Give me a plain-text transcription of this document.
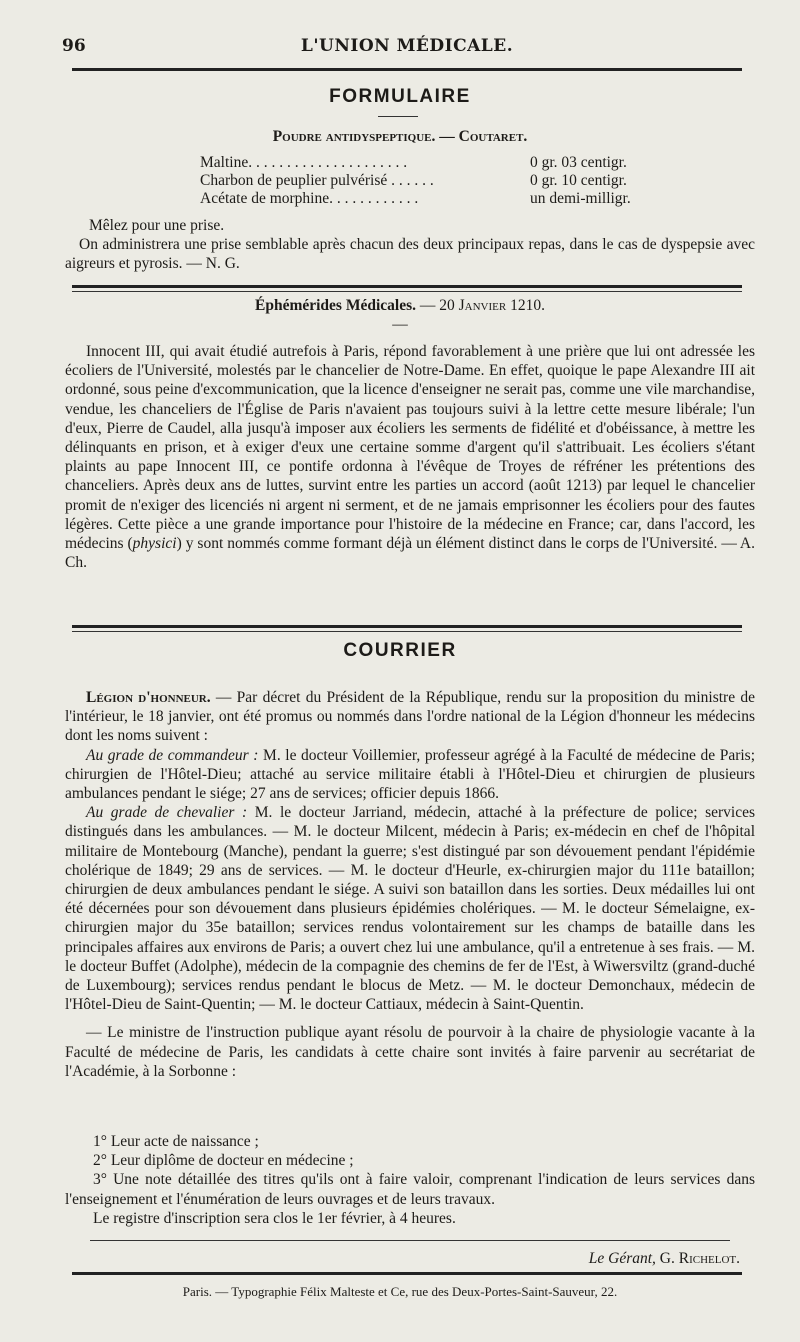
96	L'UNION MÉDICALE.
FORMULAIRE
Poudre antidyspeptique. — Coutaret.
Maltine. . . . . . . . . . . . . . . . . . . . .	0 gr. 03 centigr.
Charbon de peuplier pulvérisé . . . . . .	0 gr. 10 centigr.
Acétate de morphine. . . . . . . . . . . .	un demi-milligr.

Mêlez pour une prise.

On administrera une prise semblable après chacun des deux principaux repas, dans le cas de dyspepsie avec aigreurs et pyrosis. — N. G.

Éphémérides Médicales. — 20 Janvier 1210.
—

Innocent III, qui avait étudié autrefois à Paris, répond favorablement à une prière que lui ont adressée les écoliers de l'Université, molestés par le chancelier de Notre-Dame. En effet, quoique le pape Alexandre III ait ordonné, sous peine d'excommunication, que la licence d'enseigner ne serait pas, comme une vile marchandise, vendue, les chanceliers de l'Église de Paris n'avaient pas toujours suivi à la lettre cette mesure libérale; l'un d'eux, Pierre de Caudel, alla jusqu'à imposer aux écoliers les serments de fidélité et d'obéissance, à mettre les délinquants en prison, et à exiger d'eux une certaine somme d'argent qu'il s'attribuait. Les écoliers s'étant plaints au pape Innocent III, ce pontife ordonna à l'évêque de Troyes de réfréner les prétentions des chanceliers. Après deux ans de luttes, survint entre les parties un accord (août 1213) par lequel le chancelier promit de n'exiger des licenciés ni argent ni serment, et de ne jamais emprisonner les écoliers pour des fautes légères. Cette pièce a une grande importance pour l'histoire de la médecine en France; car, dans l'accord, les médecins (physici) y sont nommés comme formant déjà un élément distinct dans le corps de l'Université. — A. Ch.

COURRIER

Légion d'honneur. — Par décret du Président de la République, rendu sur la proposition du ministre de l'intérieur, le 18 janvier, ont été promus ou nommés dans l'ordre national de la Légion d'honneur les médecins dont les noms suivent :

Au grade de commandeur : M. le docteur Voillemier, professeur agrégé à la Faculté de médecine de Paris; chirurgien de l'Hôtel-Dieu; attaché au service militaire établi à l'Hôtel-Dieu et chirurgien de plusieurs ambulances pendant le siége; 27 ans de services; officier depuis 1866.

Au grade de chevalier : M. le docteur Jarriand, médecin, attaché à la préfecture de police; services distingués dans les ambulances. — M. le docteur Milcent, médecin à Paris; ex-médecin en chef de l'hôpital militaire de Montebourg (Manche), pendant la guerre; s'est distingué par son dévouement pendant l'épidémie cholérique de 1849; 29 ans de services. — M. le docteur d'Heurle, ex-chirurgien major du 111e bataillon; chirurgien de deux ambulances pendant le siége. A suivi son bataillon dans les sorties. Deux médailles lui ont été décernées pour son dévouement dans plusieurs épidémies cholériques. — M. le docteur Sémelaigne, ex-chirurgien major du 35e bataillon; services rendus volontairement sur les champs de bataille dans les principales affaires aux environs de Paris; a ouvert chez lui une ambulance, qu'il a entretenue à ses frais. — M. le docteur Buffet (Adolphe), médecin de la compagnie des chemins de fer de l'Est, à Wiwersviltz (grand-duché de Luxembourg); services rendus pendant le blocus de Metz. — M. le docteur Demonchaux, médecin de l'Hôtel-Dieu de Saint-Quentin; — M. le docteur Cattiaux, médecin à Saint-Quentin.

— Le ministre de l'instruction publique ayant résolu de pourvoir à la chaire de physiologie vacante à la Faculté de médecine de Paris, les candidats à cette chaire sont invités à faire parvenir au secrétariat de l'Académie, à la Sorbonne :

1° Leur acte de naissance ;

2° Leur diplôme de docteur en médecine ;

3° Une note détaillée des titres qu'ils ont à faire valoir, comprenant l'indication de leurs services dans l'enseignement et l'énumération de leurs ouvrages et de leurs travaux.

Le registre d'inscription sera clos le 1er février, à 4 heures.

Le Gérant, G. Richelot.
Paris. — Typographie Félix Malteste et Ce, rue des Deux-Portes-Saint-Sauveur, 22.
